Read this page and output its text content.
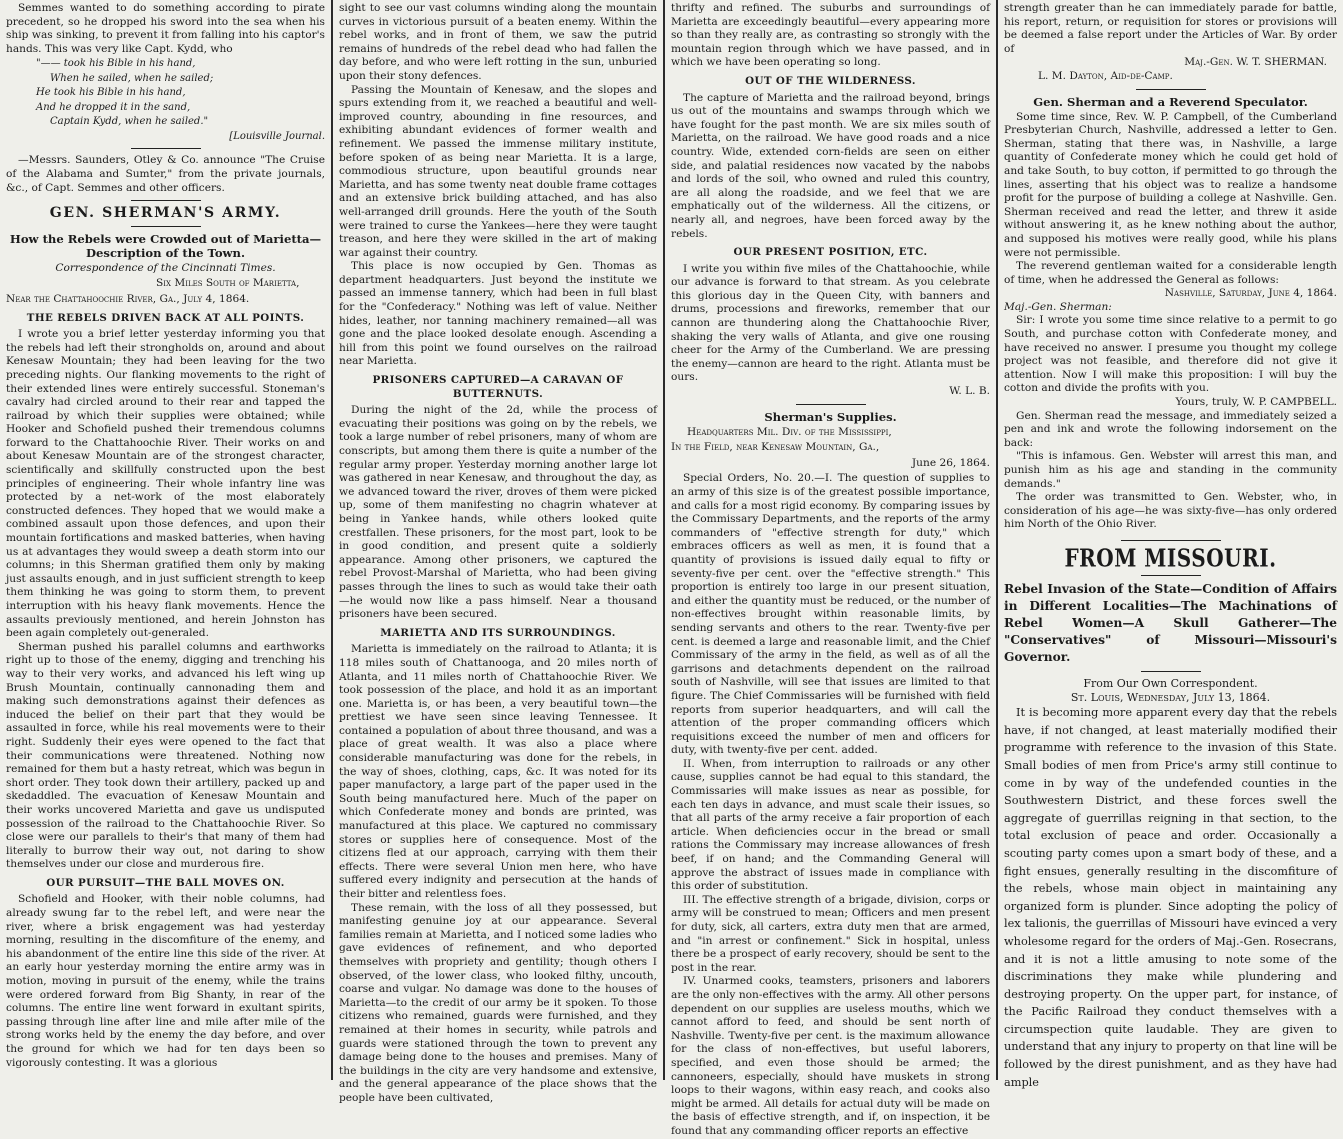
Semmes wanted to do something according to pirate precedent, so he dropped his sword into the sea when his ship was sinking, to prevent it from falling into his captor's hands. This was very like Capt. Kydd, who

"—— took his Bible in his hand,

When he sailed, when he sailed;

He took his Bible in his hand,

And he dropped it in the sand,

Captain Kydd, when he sailed."

[Louisville Journal.

—Messrs. Saunders, Otley & Co. announce "The Cruise of the Alabama and Sumter," from the private journals, &c., of Capt. Semmes and other officers.

GEN. SHERMAN'S ARMY.

How the Rebels were Crowded out of Marietta—Description of the Town.

Correspondence of the Cincinnati Times.

Six Miles South of Marietta,

Near the Chattahoochie River, Ga., July 4, 1864.

THE REBELS DRIVEN BACK AT ALL POINTS.

I wrote you a brief letter yesterday informing you that the rebels had left their strongholds on, around and about Kenesaw Mountain; they had been leaving for the two preceding nights. Our flanking movements to the right of their extended lines were entirely successful. Stoneman's cavalry had circled around to their rear and tapped the railroad by which their supplies were obtained; while Hooker and Schofield pushed their tremendous columns forward to the Chattahoochie River. Their works on and about Kenesaw Mountain are of the strongest character, scientifically and skillfully constructed upon the best principles of engineering. Their whole infantry line was protected by a net-work of the most elaborately constructed defences. They hoped that we would make a combined assault upon those defences, and upon their mountain fortifications and masked batteries, when having us at advantages they would sweep a death storm into our columns; in this Sherman gratified them only by making just assaults enough, and in just sufficient strength to keep them thinking he was going to storm them, to prevent interruption with his heavy flank movements. Hence the assaults previously mentioned, and herein Johnston has been again completely out-generaled.

Sherman pushed his parallel columns and earthworks right up to those of the enemy, digging and trenching his way to their very works, and advanced his left wing up Brush Mountain, continually cannonading them and making such demonstrations against their defences as induced the belief on their part that they would be assaulted in force, while his real movements were to their right. Suddenly their eyes were opened to the fact that their communications were threatened. Nothing now remained for them but a hasty retreat, which was begun in short order. They took down their artillery, packed up and skedaddled. The evacuation of Kenesaw Mountain and their works uncovered Marietta and gave us undisputed possession of the railroad to the Chattahoochie River. So close were our parallels to their's that many of them had literally to burrow their way out, not daring to show themselves under our close and murderous fire.

OUR PURSUIT—THE BALL MOVES ON.

Schofield and Hooker, with their noble columns, had already swung far to the rebel left, and were near the river, where a brisk engagement was had yesterday morning, resulting in the discomfiture of the enemy, and his abandonment of the entire line this side of the river. At an early hour yesterday morning the entire army was in motion, moving in pursuit of the enemy, while the trains were ordered forward from Big Shanty, in rear of the columns. The entire line went forward in exultant spirits, passing through line after line and mile after mile of the strong works held by the enemy the day before, and over the ground for which we had for ten days been so vigorously contesting. It was a glorious

sight to see our vast columns winding along the mountain curves in victorious pursuit of a beaten enemy. Within the rebel works, and in front of them, we saw the putrid remains of hundreds of the rebel dead who had fallen the day before, and who were left rotting in the sun, unburied upon their stony defences.

Passing the Mountain of Kenesaw, and the slopes and spurs extending from it, we reached a beautiful and well-improved country, abounding in fine resources, and exhibiting abundant evidences of former wealth and refinement. We passed the immense military institute, before spoken of as being near Marietta. It is a large, commodious structure, upon beautiful grounds near Marietta, and has some twenty neat double frame cottages and an extensive brick building attached, and has also well-arranged drill grounds. Here the youth of the South were trained to curse the Yankees—here they were taught treason, and here they were skilled in the art of making war against their country.

This place is now occupied by Gen. Thomas as department headquarters. Just beyond the institute we passed an immense tannery, which had been in full blast for the "Confederacy." Nothing was left of value. Neither hides, leather, nor tanning machinery remained—all was gone and the place looked desolate enough. Ascending a hill from this point we found ourselves on the railroad near Marietta.

PRISONERS CAPTURED—A CARAVAN OF BUTTERNUTS.

During the night of the 2d, while the process of evacuating their positions was going on by the rebels, we took a large number of rebel prisoners, many of whom are conscripts, but among them there is quite a number of the regular army proper. Yesterday morning another large lot was gathered in near Kenesaw, and throughout the day, as we advanced toward the river, droves of them were picked up, some of them manifesting no chagrin whatever at being in Yankee hands, while others looked quite crestfallen. These prisoners, for the most part, look to be in good condition, and present quite a soldierly appearance. Among other prisoners, we captured the rebel Provost-Marshal of Marietta, who had been giving passes through the lines to such as would take their oath—he would now like a pass himself. Near a thousand prisoners have been secured.

MARIETTA AND ITS SURROUNDINGS.

Marietta is immediately on the railroad to Atlanta; it is 118 miles south of Chattanooga, and 20 miles north of Atlanta, and 11 miles north of Chattahoochie River. We took possession of the place, and hold it as an important one. Marietta is, or has been, a very beautiful town—the prettiest we have seen since leaving Tennessee. It contained a population of about three thousand, and was a place of great wealth. It was also a place where considerable manufacturing was done for the rebels, in the way of shoes, clothing, caps, &c. It was noted for its paper manufactory, a large part of the paper used in the South being manufactured here. Much of the paper on which Confederate money and bonds are printed, was manufactured at this place. We captured no commissary stores or supplies here of consequence. Most of the citizens fled at our approach, carrying with them their effects. There were several Union men here, who have suffered every indignity and persecution at the hands of their bitter and relentless foes.

These remain, with the loss of all they possessed, but manifesting genuine joy at our appearance. Several families remain at Marietta, and I noticed some ladies who gave evidences of refinement, and who deported themselves with propriety and gentility; though others I observed, of the lower class, who looked filthy, uncouth, coarse and vulgar. No damage was done to the houses of Marietta—to the credit of our army be it spoken. To those citizens who remained, guards were furnished, and they remained at their homes in security, while patrols and guards were stationed through the town to prevent any damage being done to the houses and premises. Many of the buildings in the city are very handsome and extensive, and the general appearance of the place shows that the people have been cultivated,

thrifty and refined. The suburbs and surroundings of Marietta are exceedingly beautiful—every appearing more so than they really are, as contrasting so strongly with the mountain region through which we have passed, and in which we have been operating so long.

OUT OF THE WILDERNESS.

The capture of Marietta and the railroad beyond, brings us out of the mountains and swamps through which we have fought for the past month. We are six miles south of Marietta, on the railroad. We have good roads and a nice country. Wide, extended corn-fields are seen on either side, and palatial residences now vacated by the nabobs and lords of the soil, who owned and ruled this country, are all along the roadside, and we feel that we are emphatically out of the wilderness. All the citizens, or nearly all, and negroes, have been forced away by the rebels.

OUR PRESENT POSITION, ETC.

I write you within five miles of the Chattahoochie, while our advance is forward to that stream. As you celebrate this glorious day in the Queen City, with banners and drums, processions and fireworks, remember that our cannon are thundering along the Chattahoochie River, shaking the very walls of Atlanta, and give one rousing cheer for the Army of the Cumberland. We are pressing the enemy—cannon are heard to the right. Atlanta must be ours.

W. L. B.

Sherman's Supplies.

Headquarters Mil. Div. of the Mississippi,

In the Field, near Kenesaw Mountain, Ga.,

June 26, 1864.

Special Orders, No. 20.—I. The question of supplies to an army of this size is of the greatest possible importance, and calls for a most rigid economy. By comparing issues by the Commissary Departments, and the reports of the army commanders of "effective strength for duty," which embraces officers as well as men, it is found that a quantity of provisions is issued daily equal to fifty or seventy-five per cent. over the "effective strength." This proportion is entirely too large in our present situation, and either the quantity must be reduced, or the number of non-effectives brought within reasonable limits, by sending servants and others to the rear. Twenty-five per cent. is deemed a large and reasonable limit, and the Chief Commissary of the army in the field, as well as of all the garrisons and detachments dependent on the railroad south of Nashville, will see that issues are limited to that figure. The Chief Commissaries will be furnished with field reports from superior headquarters, and will call the attention of the proper commanding officers which requisitions exceed the number of men and officers for duty, with twenty-five per cent. added.

II. When, from interruption to railroads or any other cause, supplies cannot be had equal to this standard, the Commissaries will make issues as near as possible, for each ten days in advance, and must scale their issues, so that all parts of the army receive a fair proportion of each article. When deficiencies occur in the bread or small rations the Commissary may increase allowances of fresh beef, if on hand; and the Commanding General will approve the abstract of issues made in compliance with this order of substitution.

III. The effective strength of a brigade, division, corps or army will be construed to mean; Officers and men present for duty, sick, all carters, extra duty men that are armed, and "in arrest or confinement." Sick in hospital, unless there be a prospect of early recovery, should be sent to the post in the rear.

IV. Unarmed cooks, teamsters, prisoners and laborers are the only non-effectives with the army. All other persons dependent on our supplies are useless mouths, which we cannot afford to feed, and should be sent north of Nashville. Twenty-five per cent. is the maximum allowance for the class of non-effectives, but useful laborers, specified, and even those should be armed; the cannoneers, especially, should have muskets in strong loops to their wagons, within easy reach, and cooks also might be armed. All details for actual duty will be made on the basis of effective strength, and if, on inspection, it be found that any commanding officer reports an effective

strength greater than he can immediately parade for battle, his report, return, or requisition for stores or provisions will be deemed a false report under the Articles of War. By order of

Maj.-Gen. W. T. SHERMAN.

L. M. Dayton, Aid-de-Camp.

Gen. Sherman and a Reverend Speculator.

Some time since, Rev. W. P. Campbell, of the Cumberland Presbyterian Church, Nashville, addressed a letter to Gen. Sherman, stating that there was, in Nashville, a large quantity of Confederate money which he could get hold of and take South, to buy cotton, if permitted to go through the lines, asserting that his object was to realize a handsome profit for the purpose of building a college at Nashville. Gen. Sherman received and read the letter, and threw it aside without answering it, as he knew nothing about the author, and supposed his motives were really good, while his plans were not permissible.

The reverend gentleman waited for a considerable length of time, when he addressed the General as follows:

Nashville, Saturday, June 4, 1864.

Maj.-Gen. Sherman:

Sir: I wrote you some time since relative to a permit to go South, and purchase cotton with Confederate money, and have received no answer. I presume you thought my college project was not feasible, and therefore did not give it attention. Now I will make this proposition: I will buy the cotton and divide the profits with you.

Yours, truly, W. P. CAMPBELL.

Gen. Sherman read the message, and immediately seized a pen and ink and wrote the following indorsement on the back:

"This is infamous. Gen. Webster will arrest this man, and punish him as his age and standing in the community demands."

The order was transmitted to Gen. Webster, who, in consideration of his age—he was sixty-five—has only ordered him North of the Ohio River.

FROM MISSOURI.

Rebel Invasion of the State—Condition of Affairs in Different Localities—The Machinations of Rebel Women—A Skull Gatherer—The "Conservatives" of Missouri—Missouri's Governor.

From Our Own Correspondent.

St. Louis, Wednesday, July 13, 1864.

It is becoming more apparent every day that the rebels have, if not changed, at least materially modified their programme with reference to the invasion of this State. Small bodies of men from Price's army still continue to come in by way of the undefended counties in the Southwestern District, and these forces swell the aggregate of guerrillas reigning in that section, to the total exclusion of peace and order. Occasionally a scouting party comes upon a smart body of these, and a fight ensues, generally resulting in the discomfiture of the rebels, whose main object in maintaining any organized form is plunder. Since adopting the policy of lex talionis, the guerrillas of Missouri have evinced a very wholesome regard for the orders of Maj.-Gen. Rosecrans, and it is not a little amusing to note some of the discriminations they make while plundering and destroying property. On the upper part, for instance, of the Pacific Railroad they conduct themselves with a circumspection quite laudable. They are given to understand that any injury to property on that line will be followed by the direst punishment, and as they have had ample
